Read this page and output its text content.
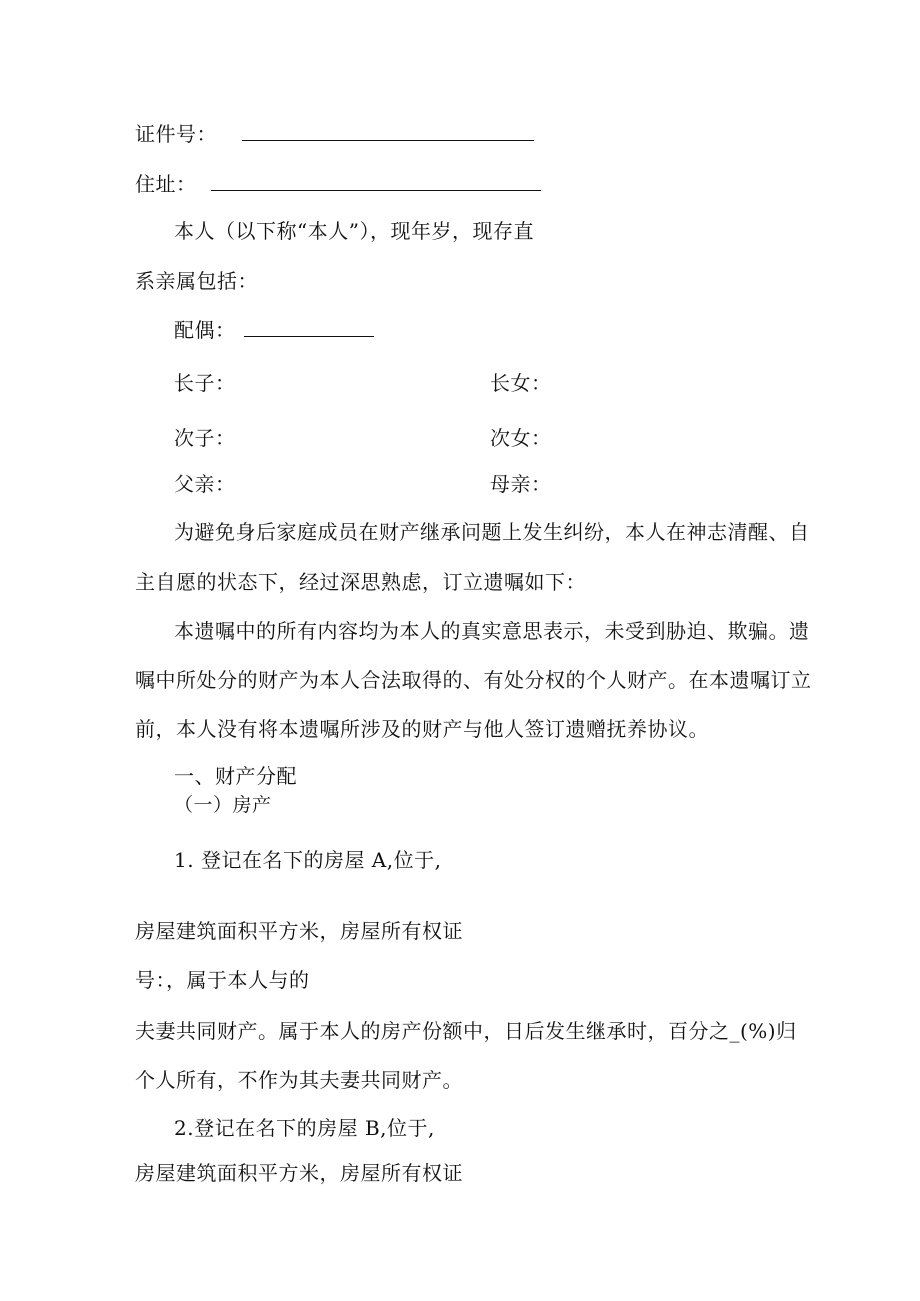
证件号：
住址：
本人（以下称“本人”），现年岁，现存直
系亲属包括：
配偶：
长子：	长女：
次子：	次女：
父亲：	母亲：
为避免身后家庭成员在财产继承问题上发生纠纷，本人在神志清醒、自
主自愿的状态下，经过深思熟虑，订立遗嘱如下：
本遗嘱中的所有内容均为本人的真实意思表示，未受到胁迫、欺骗。遗
嘱中所处分的财产为本人合法取得的、有处分权的个人财产。在本遗嘱订立
前，本人没有将本遗嘱所涉及的财产与他人签订遗赠抚养协议。
一、财产分配
（一）房产
1. 登记在名下的房屋 A,位于,
房屋建筑面积平方米，房屋所有权证
号：，属于本人与的
夫妻共同财产。属于本人的房产份额中，日后发生继承时，百分之_(%)归
个人所有，不作为其夫妻共同财产。
2.登记在名下的房屋 B,位于,
房屋建筑面积平方米，房屋所有权证
